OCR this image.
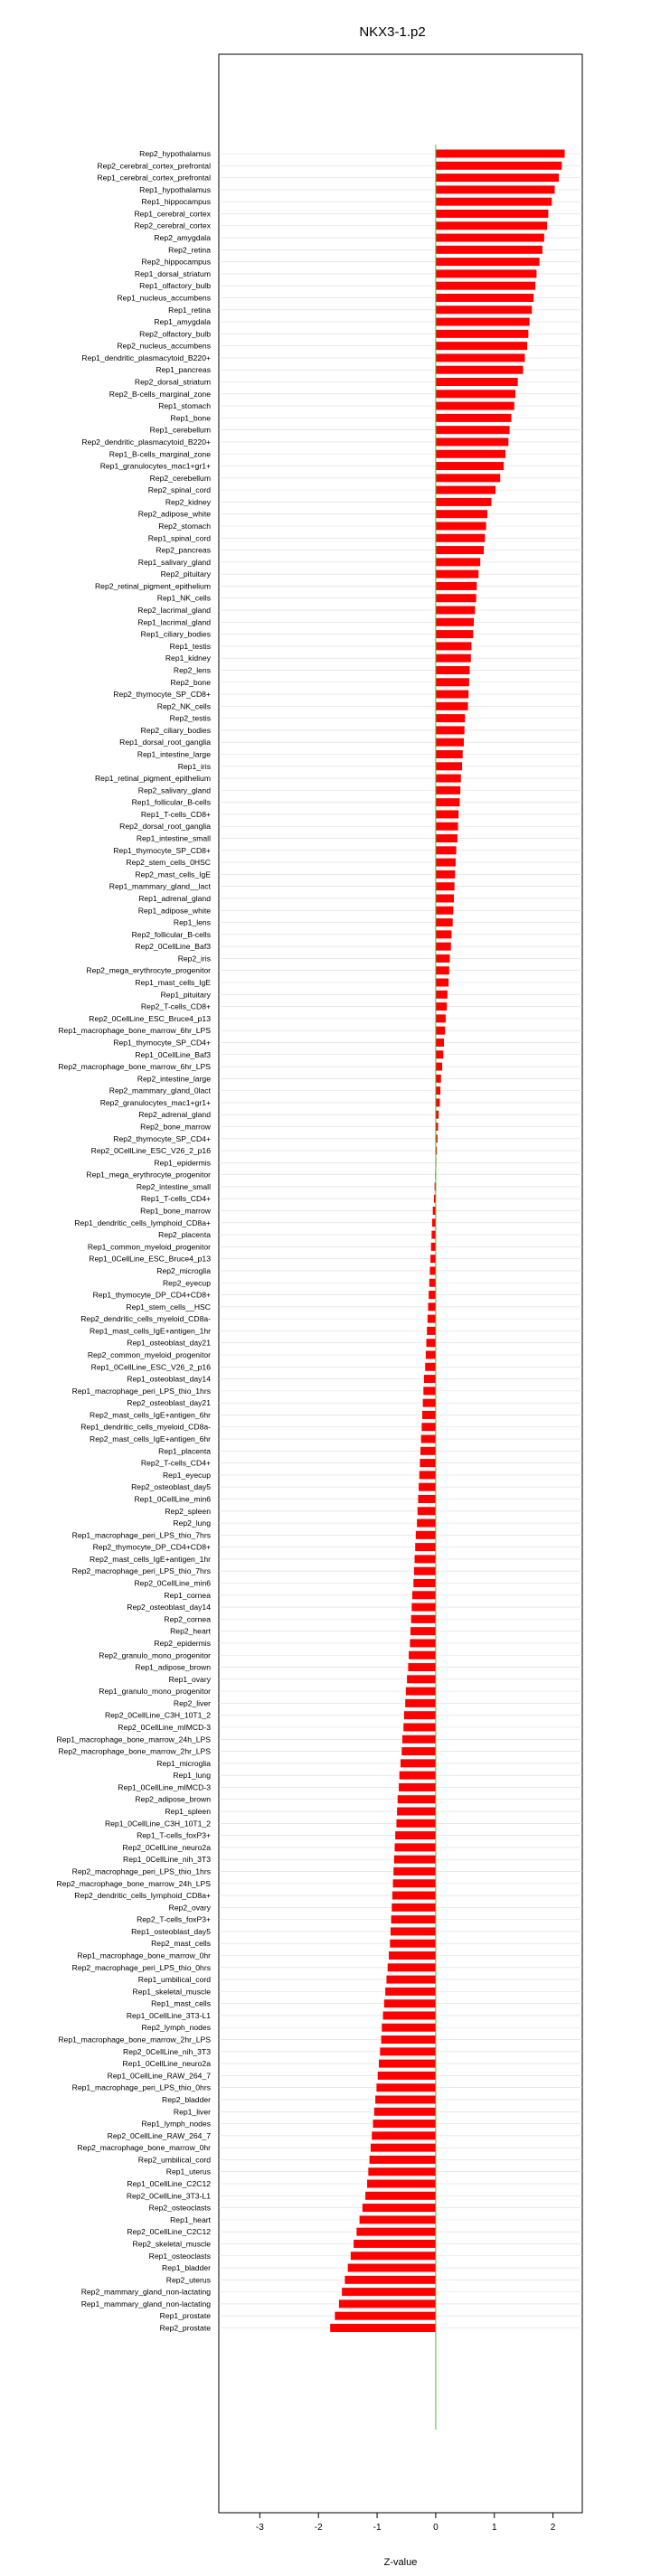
NKX3-1.p2
Rep2_hypothalamus
Rep2_cerebral_cortex_prefrontal
Rep1_cerebral_cortex_prefrontal
Rep1_hypothalamus
Rep1_hippocampus
Rep1_cerebral_cortex
Rep2_cerebral_cortex
Rep2_amygdala
Rep2_retina
Rep2_hippocampus
Rep1_dorsal_striatum
Rep1_olfactory_bulb
Rep1_nucleus_accumbens
Rep1_retina
Rep1_amygdala
Rep2_olfactory_bulb
Rep2_nucleus_accumbens
Rep1_dendritic_plasmacytoid_B220+
Rep1_pancreas
Rep2_dorsal_striatum
Rep2_B-cells_marginal_zone
Rep1_stomach
Rep1_bone
Rep1_cerebellum
Rep2_dendritic_plasmacytoid_B220+
Rep1_B-cells_marginal_zone
Rep1_granulocytes_mac1+gr1+
Rep2_cerebellum
Rep2_spinal_cord
Rep2_kidney
Rep2_adipose_white
Rep2_stomach
Rep1_spinal_cord
Rep2_pancreas
Rep1_salivary_gland
Rep2_pituitary
Rep2_retinal_pigment_epithelium
Rep1_NK_cells
Rep2_lacrimal_gland
Rep1_lacrimal_gland
Rep1_ciliary_bodies
Rep1_testis
Rep1_kidney
Rep2_lens
Rep2_bone
Rep2_thymocyte_SP_CD8+
Rep2_NK_cells
Rep2_testis
Rep2_ciliary_bodies
Rep1_dorsal_root_ganglia
Rep1_intestine_large
Rep1_iris
Rep1_retinal_pigment_epithelium
Rep2_salivary_gland
Rep1_follicular_B-cells
Rep1_T-cells_CD8+
Rep2_dorsal_root_ganglia
Rep1_intestine_small
Rep1_thymocyte_SP_CD8+
Rep2_stem_cells_0HSC
Rep2_mast_cells_IgE
Rep1_mammary_gland__lact
Rep1_adrenal_gland
Rep1_adipose_white
Rep1_lens
Rep2_follicular_B-cells
Rep2_0CellLine_Baf3
Rep2_iris
Rep2_mega_erythrocyte_progenitor
Rep1_mast_cells_IgE
Rep1_pituitary
Rep2_T-cells_CD8+
Rep2_0CellLine_ESC_Bruce4_p13
Rep1_macrophage_bone_marrow_6hr_LPS
Rep1_thymocyte_SP_CD4+
Rep1_0CellLine_Baf3
Rep2_macrophage_bone_marrow_6hr_LPS
Rep2_intestine_large
Rep2_mammary_gland_0lact
Rep2_granulocytes_mac1+gr1+
Rep2_adrenal_gland
Rep2_bone_marrow
Rep2_thymocyte_SP_CD4+
Rep2_0CellLine_ESC_V26_2_p16
Rep1_epidermis
Rep1_mega_erythrocyte_progenitor
Rep2_intestine_small
Rep1_T-cells_CD4+
Rep1_bone_marrow
Rep1_dendritic_cells_lymphoid_CD8a+
Rep2_placenta
Rep1_common_myeloid_progenitor
Rep1_0CellLine_ESC_Bruce4_p13
Rep2_microglia
Rep2_eyecup
Rep1_thymocyte_DP_CD4+CD8+
Rep1_stem_cells__HSC
Rep2_dendritic_cells_myeloid_CD8a-
Rep1_mast_cells_IgE+antigen_1hr
Rep1_osteoblast_day21
Rep2_common_myeloid_progenitor
Rep1_0CellLine_ESC_V26_2_p16
Rep1_osteoblast_day14
Rep1_macrophage_peri_LPS_thio_1hrs
Rep2_osteoblast_day21
Rep2_mast_cells_IgE+antigen_6hr
Rep1_dendritic_cells_myeloid_CD8a-
Rep2_mast_cells_IgE+antigen_6hr
Rep1_placenta
Rep2_T-cells_CD4+
Rep1_eyecup
Rep2_osteoblast_day5
Rep1_0CellLine_min6
Rep2_spleen
Rep2_lung
Rep1_macrophage_peri_LPS_thio_7hrs
Rep2_thymocyte_DP_CD4+CD8+
Rep2_mast_cells_IgE+antigen_1hr
Rep2_macrophage_peri_LPS_thio_7hrs
Rep2_0CellLine_min6
Rep1_cornea
Rep2_osteoblast_day14
Rep2_cornea
Rep2_heart
Rep2_epidermis
Rep2_granulo_mono_progenitor
Rep1_adipose_brown
Rep1_ovary
Rep1_granulo_mono_progenitor
Rep2_liver
Rep2_0CellLine_C3H_10T1_2
Rep2_0CellLine_mIMCD-3
Rep1_macrophage_bone_marrow_24h_LPS
Rep2_macrophage_bone_marrow_2hr_LPS
Rep1_microglia
Rep1_lung
Rep1_0CellLine_mIMCD-3
Rep2_adipose_brown
Rep1_spleen
Rep1_0CellLine_C3H_10T1_2
Rep1_T-cells_foxP3+
Rep2_0CellLine_neuro2a
Rep1_0CellLine_nih_3T3
Rep2_macrophage_peri_LPS_thio_1hrs
Rep2_macrophage_bone_marrow_24h_LPS
Rep2_dendritic_cells_lymphoid_CD8a+
Rep2_ovary
Rep2_T-cells_foxP3+
Rep1_osteoblast_day5
Rep2_mast_cells
Rep1_macrophage_bone_marrow_0hr
Rep2_macrophage_peri_LPS_thio_0hrs
Rep1_umbilical_cord
Rep1_skeletal_muscle
Rep1_mast_cells
Rep1_0CellLine_3T3-L1
Rep2_lymph_nodes
Rep1_macrophage_bone_marrow_2hr_LPS
Rep2_0CellLine_nih_3T3
Rep1_0CellLine_neuro2a
Rep1_0CellLine_RAW_264_7
Rep1_macrophage_peri_LPS_thio_0hrs
Rep2_bladder
Rep1_liver
Rep1_lymph_nodes
Rep2_0CellLine_RAW_264_7
Rep2_macrophage_bone_marrow_0hr
Rep2_umbilical_cord
Rep1_uterus
Rep1_0CellLine_C2C12
Rep2_0CellLine_3T3-L1
Rep2_osteoclasts
Rep1_heart
Rep2_0CellLine_C2C12
Rep2_skeletal_muscle
Rep1_osteoclasts
Rep1_bladder
Rep2_uterus
Rep2_mammary_gland_non-lactating
Rep1_mammary_gland_non-lactating
Rep1_prostate
Rep2_prostate
-3	-2	-1	0	1	2
Z-value
